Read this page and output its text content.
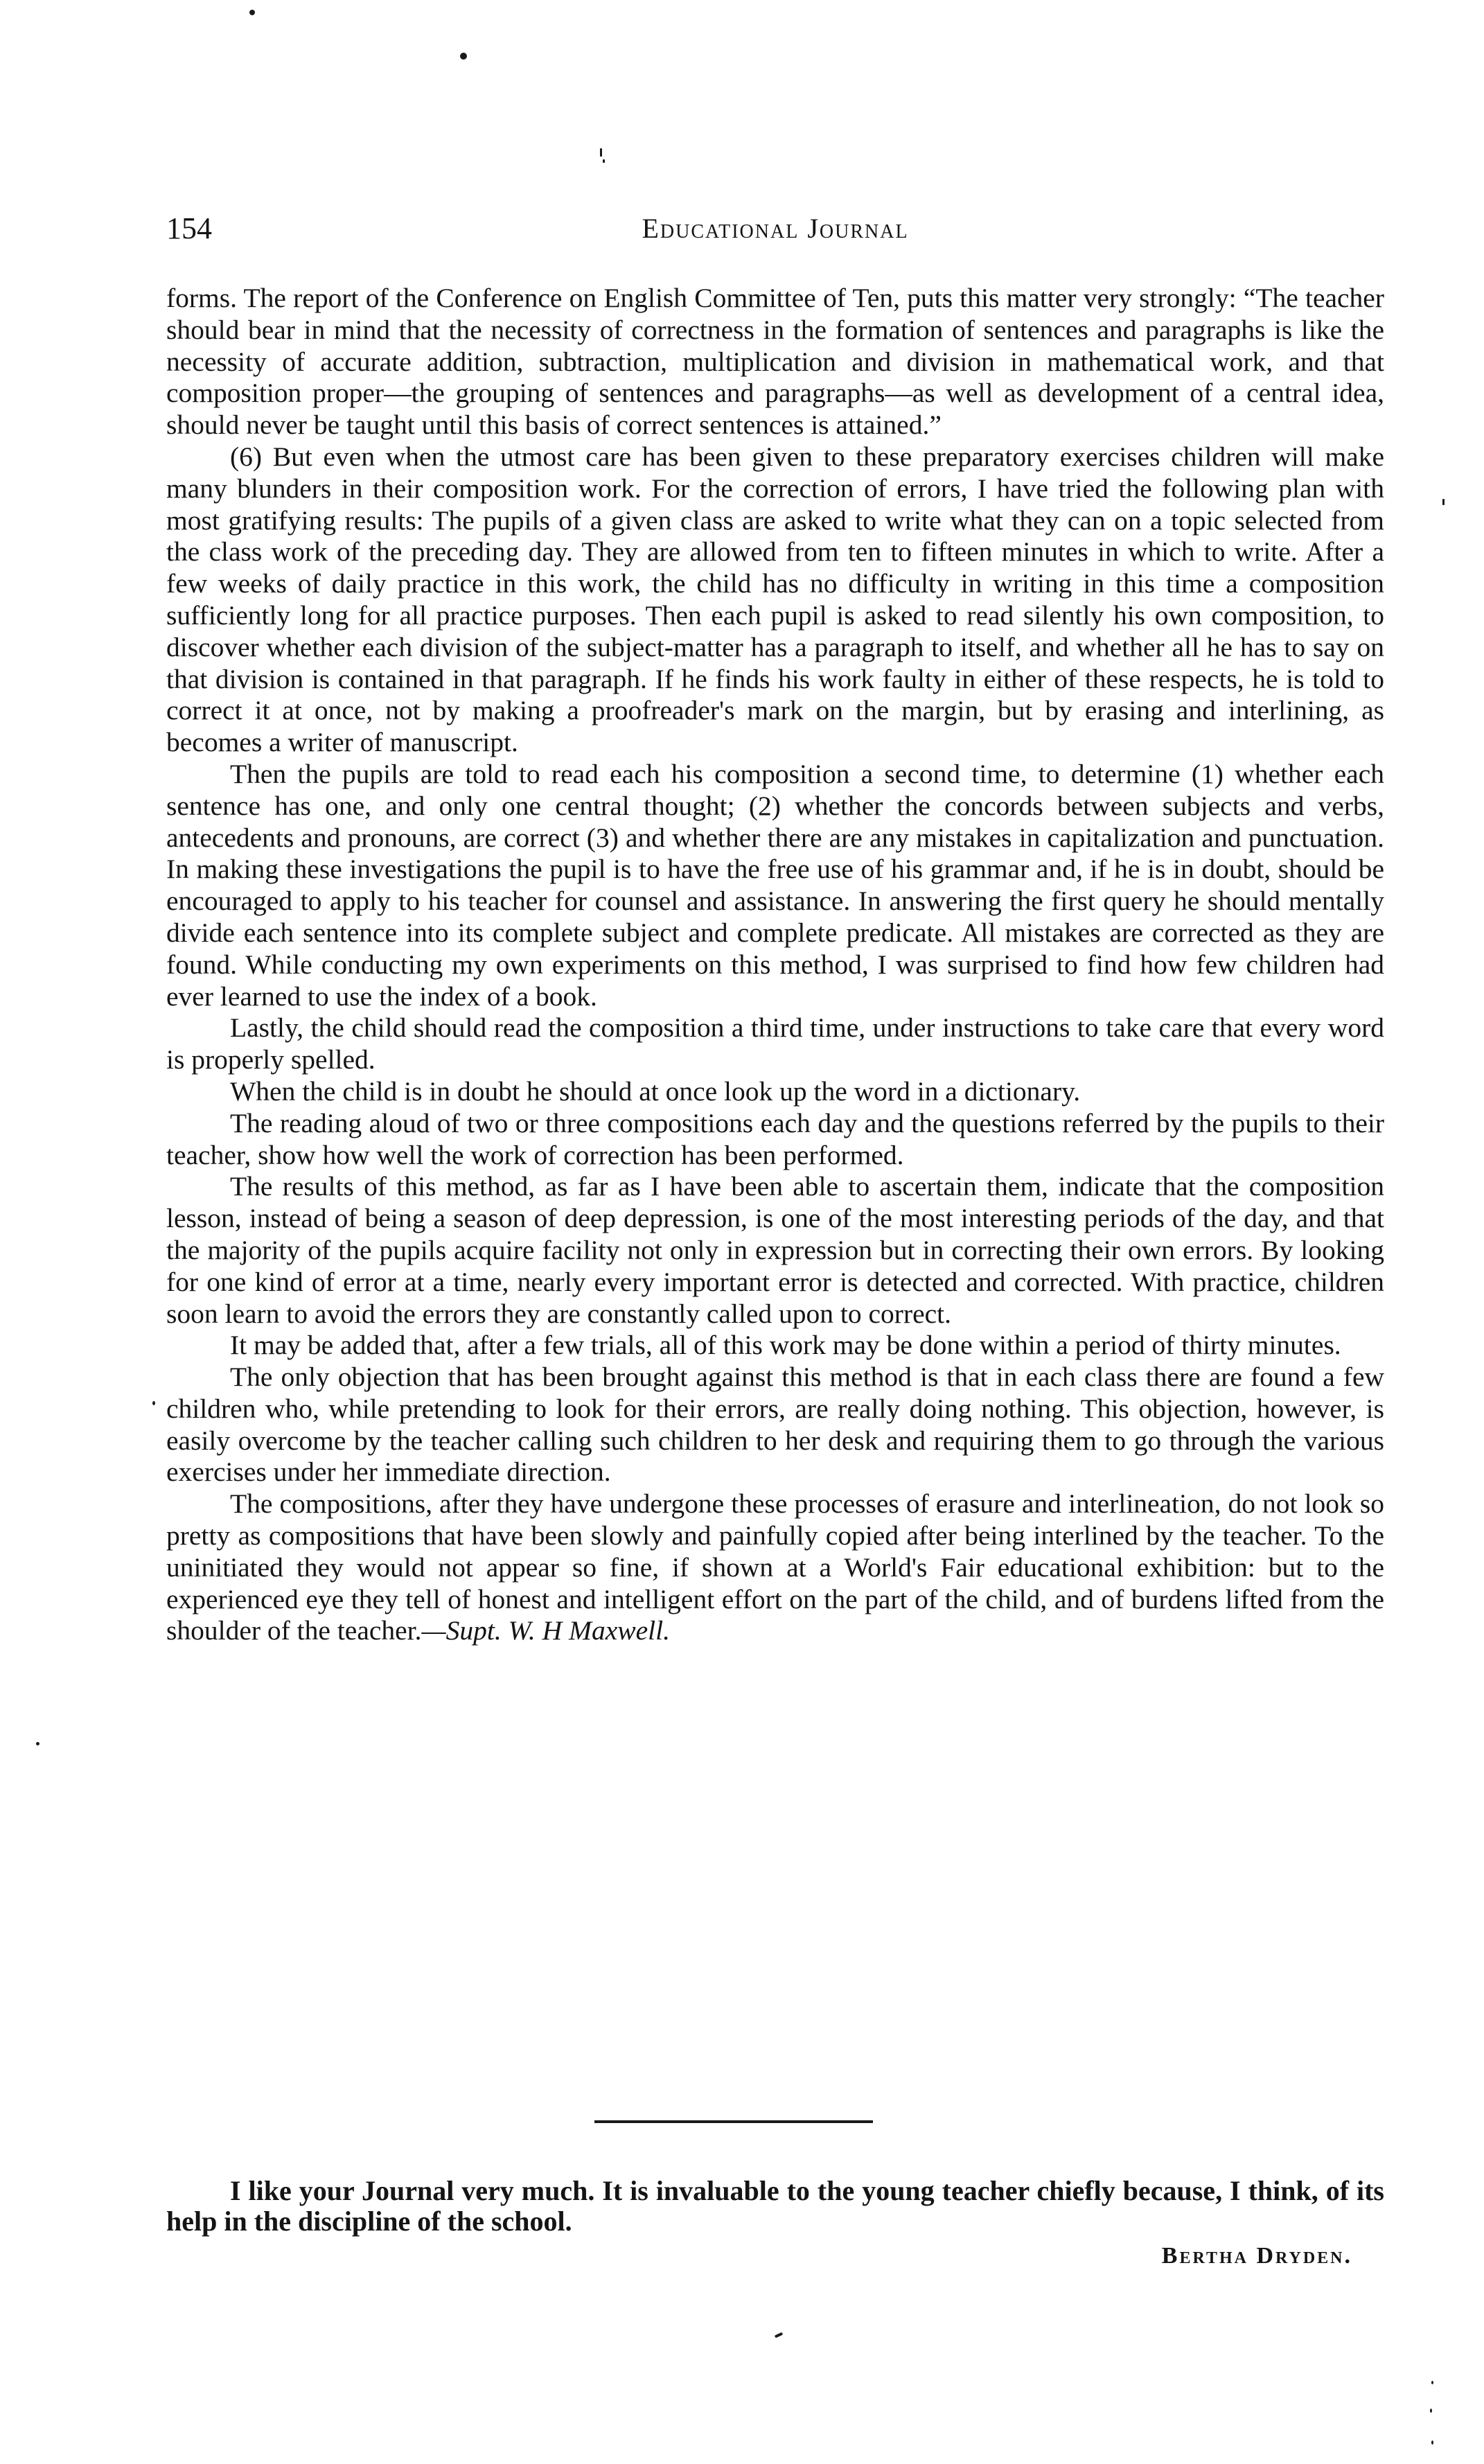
154	Educational Journal

forms. The report of the Conference on English Committee of Ten, puts this matter very strongly: “The teacher should bear in mind that the necessity of correctness in the formation of sentences and paragraphs is like the necessity of accurate addition, subtraction, multiplication and division in mathematical work, and that composition proper—the grouping of sentences and paragraphs—as well as development of a central idea, should never be taught until this basis of correct sentences is attained.”

(6) But even when the utmost care has been given to these preparatory exercises children will make many blunders in their composition work. For the correction of errors, I have tried the following plan with most gratifying results: The pupils of a given class are asked to write what they can on a topic selected from the class work of the preceding day. They are allowed from ten to fifteen minutes in which to write. After a few weeks of daily practice in this work, the child has no difficulty in writing in this time a composition sufficiently long for all practice purposes. Then each pupil is asked to read silently his own composition, to discover whether each division of the subject-matter has a paragraph to itself, and whether all he has to say on that division is contained in that paragraph. If he finds his work faulty in either of these respects, he is told to correct it at once, not by making a proofreader's mark on the margin, but by erasing and interlining, as becomes a writer of manuscript.

Then the pupils are told to read each his composition a second time, to determine (1) whether each sentence has one, and only one central thought; (2) whether the concords between subjects and verbs, antecedents and pronouns, are correct (3) and whether there are any mistakes in capitalization and punctuation. In making these investigations the pupil is to have the free use of his grammar and, if he is in doubt, should be encouraged to apply to his teacher for counsel and assistance. In answering the first query he should mentally divide each sentence into its complete subject and complete predicate. All mistakes are corrected as they are found. While conducting my own experiments on this method, I was surprised to find how few children had ever learned to use the index of a book.

Lastly, the child should read the composition a third time, under instructions to take care that every word is properly spelled.

When the child is in doubt he should at once look up the word in a dictionary.

The reading aloud of two or three compositions each day and the questions referred by the pupils to their teacher, show how well the work of correction has been performed.

The results of this method, as far as I have been able to ascertain them, indicate that the composition lesson, instead of being a season of deep depression, is one of the most interesting periods of the day, and that the majority of the pupils acquire facility not only in expression but in correcting their own errors. By looking for one kind of error at a time, nearly every important error is detected and corrected. With practice, children soon learn to avoid the errors they are constantly called upon to correct.

It may be added that, after a few trials, all of this work may be done within a period of thirty minutes.

The only objection that has been brought against this method is that in each class there are found a few children who, while pretending to look for their errors, are really doing nothing. This objection, however, is easily overcome by the teacher calling such children to her desk and requiring them to go through the various exercises under her immediate direction.

The compositions, after they have undergone these processes of erasure and interlineation, do not look so pretty as compositions that have been slowly and painfully copied after being interlined by the teacher. To the uninitiated they would not appear so fine, if shown at a World's Fair educational exhibition: but to the experienced eye they tell of honest and intelligent effort on the part of the child, and of burdens lifted from the shoulder of the teacher.—Supt. W. H Maxwell.

I like your Journal very much. It is invaluable to the young teacher chiefly because, I think, of its help in the discipline of the school.

Bertha Dryden.
